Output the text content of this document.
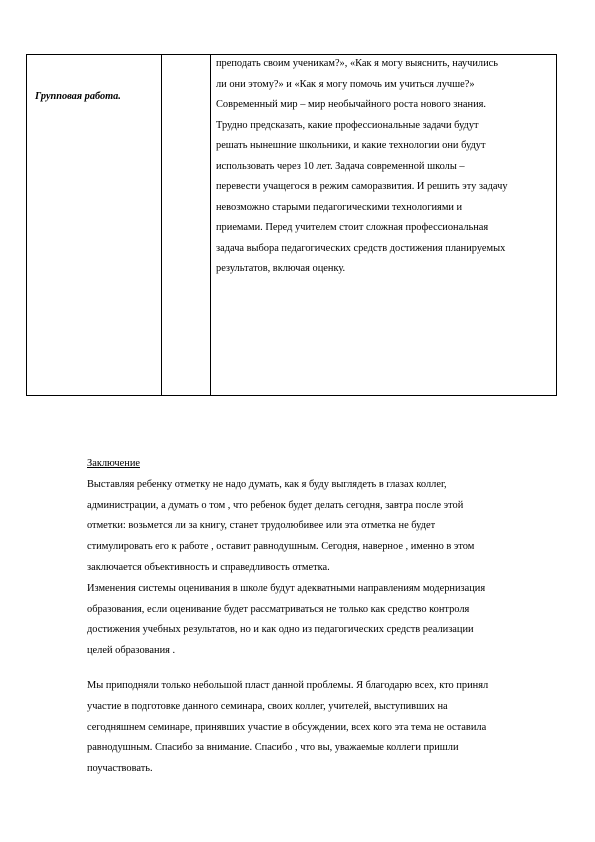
Групповая работа.
преподать своим ученикам?», «Как я могу выяснить, научились
ли они этому?» и «Как я могу помочь им учиться лучше?»
Современный мир – мир необычайного роста нового знания.
Трудно предсказать, какие профессиональные задачи будут
решать нынешние школьники, и какие технологии они будут
использовать через 10 лет. Задача современной школы –
перевести учащегося в режим саморазвития. И решить эту задачу
невозможно старыми педагогическими технологиями и
приемами. Перед учителем стоит сложная профессиональная
задача выбора педагогических средств достижения планируемых
результатов, включая оценку.
Заключение
Выставляя ребенку отметку не надо думать, как я буду выглядеть в глазах коллег,
администрации, а думать о том , что ребенок будет делать сегодня, завтра после этой
отметки: возьмется ли за книгу, станет трудолюбивее или эта отметка не будет
стимулировать его к работе , оставит равнодушным. Сегодня, наверное , именно в этом
заключается объективность и справедливость отметка.
Изменения системы оценивания в школе будут адекватными направлениям модернизация
образования, если оценивание будет рассматриваться не только как средство контроля
достижения учебных результатов, но и как одно из педагогических средств реализации
целей образования .
Мы приподняли только небольшой пласт данной проблемы. Я благодарю всех, кто принял
участие в подготовке данного семинара, своих коллег, учителей, выступивших на
сегодняшнем семинаре, принявших участие в обсуждении, всех кого эта тема не оставила
равнодушным. Спасибо за внимание. Спасибо , что вы, уважаемые коллеги пришли
поучаствовать.
